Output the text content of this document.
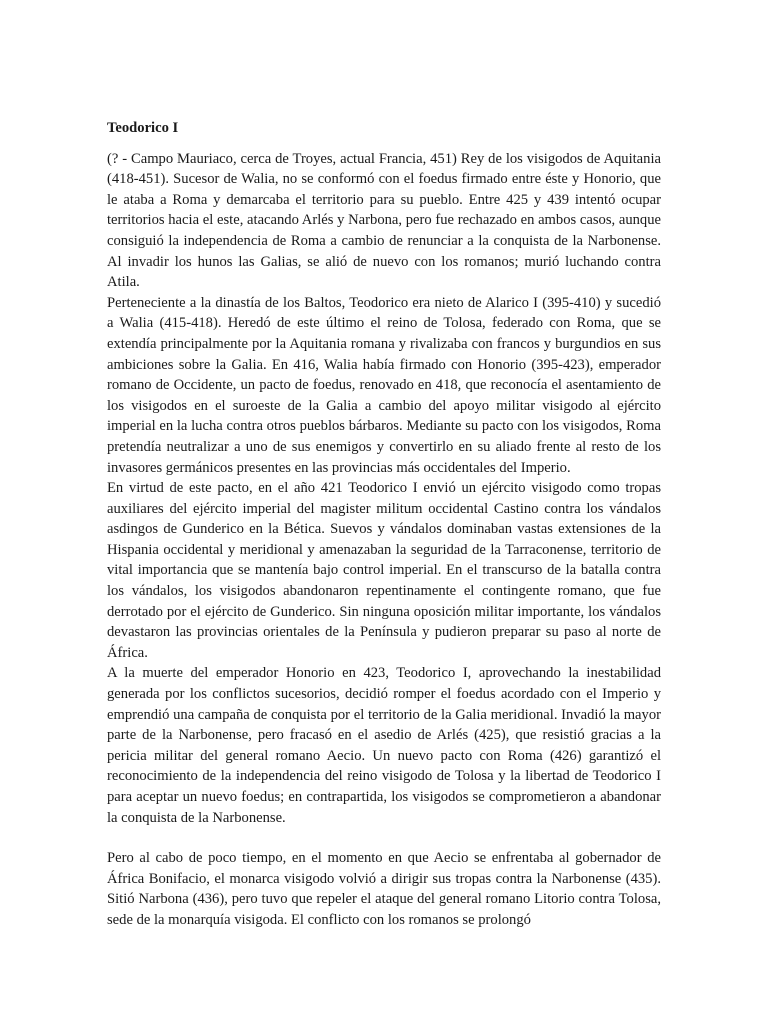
Teodorico I

(? - Campo Mauriaco, cerca de Troyes, actual Francia, 451) Rey de los visigodos de Aquitania (418-451). Sucesor de Walia, no se conformó con el foedus firmado entre éste y Honorio, que le ataba a Roma y demarcaba el territorio para su pueblo. Entre 425 y 439 intentó ocupar territorios hacia el este, atacando Arlés y Narbona, pero fue rechazado en ambos casos, aunque consiguió la independencia de Roma a cambio de renunciar a la conquista de la Narbonense. Al invadir los hunos las Galias, se alió de nuevo con los romanos; murió luchando contra Atila.

Perteneciente a la dinastía de los Baltos, Teodorico era nieto de Alarico I (395-410) y sucedió a Walia (415-418). Heredó de este último el reino de Tolosa, federado con Roma, que se extendía principalmente por la Aquitania romana y rivalizaba con francos y burgundios en sus ambiciones sobre la Galia. En 416, Walia había firmado con Honorio (395-423), emperador romano de Occidente, un pacto de foedus, renovado en 418, que reconocía el asentamiento de los visigodos en el suroeste de la Galia a cambio del apoyo militar visigodo al ejército imperial en la lucha contra otros pueblos bárbaros. Mediante su pacto con los visigodos, Roma pretendía neutralizar a uno de sus enemigos y convertirlo en su aliado frente al resto de los invasores germánicos presentes en las provincias más occidentales del Imperio.

En virtud de este pacto, en el año 421 Teodorico I envió un ejército visigodo como tropas auxiliares del ejército imperial del magister militum occidental Castino contra los vándalos asdingos de Gunderico en la Bética. Suevos y vándalos dominaban vastas extensiones de la Hispania occidental y meridional y amenazaban la seguridad de la Tarraconense, territorio de vital importancia que se mantenía bajo control imperial. En el transcurso de la batalla contra los vándalos, los visigodos abandonaron repentinamente el contingente romano, que fue derrotado por el ejército de Gunderico. Sin ninguna oposición militar importante, los vándalos devastaron las provincias orientales de la Península y pudieron preparar su paso al norte de África.

A la muerte del emperador Honorio en 423, Teodorico I, aprovechando la inestabilidad generada por los conflictos sucesorios, decidió romper el foedus acordado con el Imperio y emprendió una campaña de conquista por el territorio de la Galia meridional. Invadió la mayor parte de la Narbonense, pero fracasó en el asedio de Arlés (425), que resistió gracias a la pericia militar del general romano Aecio. Un nuevo pacto con Roma (426) garantizó el reconocimiento de la independencia del reino visigodo de Tolosa y la libertad de Teodorico I para aceptar un nuevo foedus; en contrapartida, los visigodos se comprometieron a abandonar la conquista de la Narbonense.

Pero al cabo de poco tiempo, en el momento en que Aecio se enfrentaba al gobernador de África Bonifacio, el monarca visigodo volvió a dirigir sus tropas contra la Narbonense (435). Sitió Narbona (436), pero tuvo que repeler el ataque del general romano Litorio contra Tolosa, sede de la monarquía visigoda. El conflicto con los romanos se prolongó
